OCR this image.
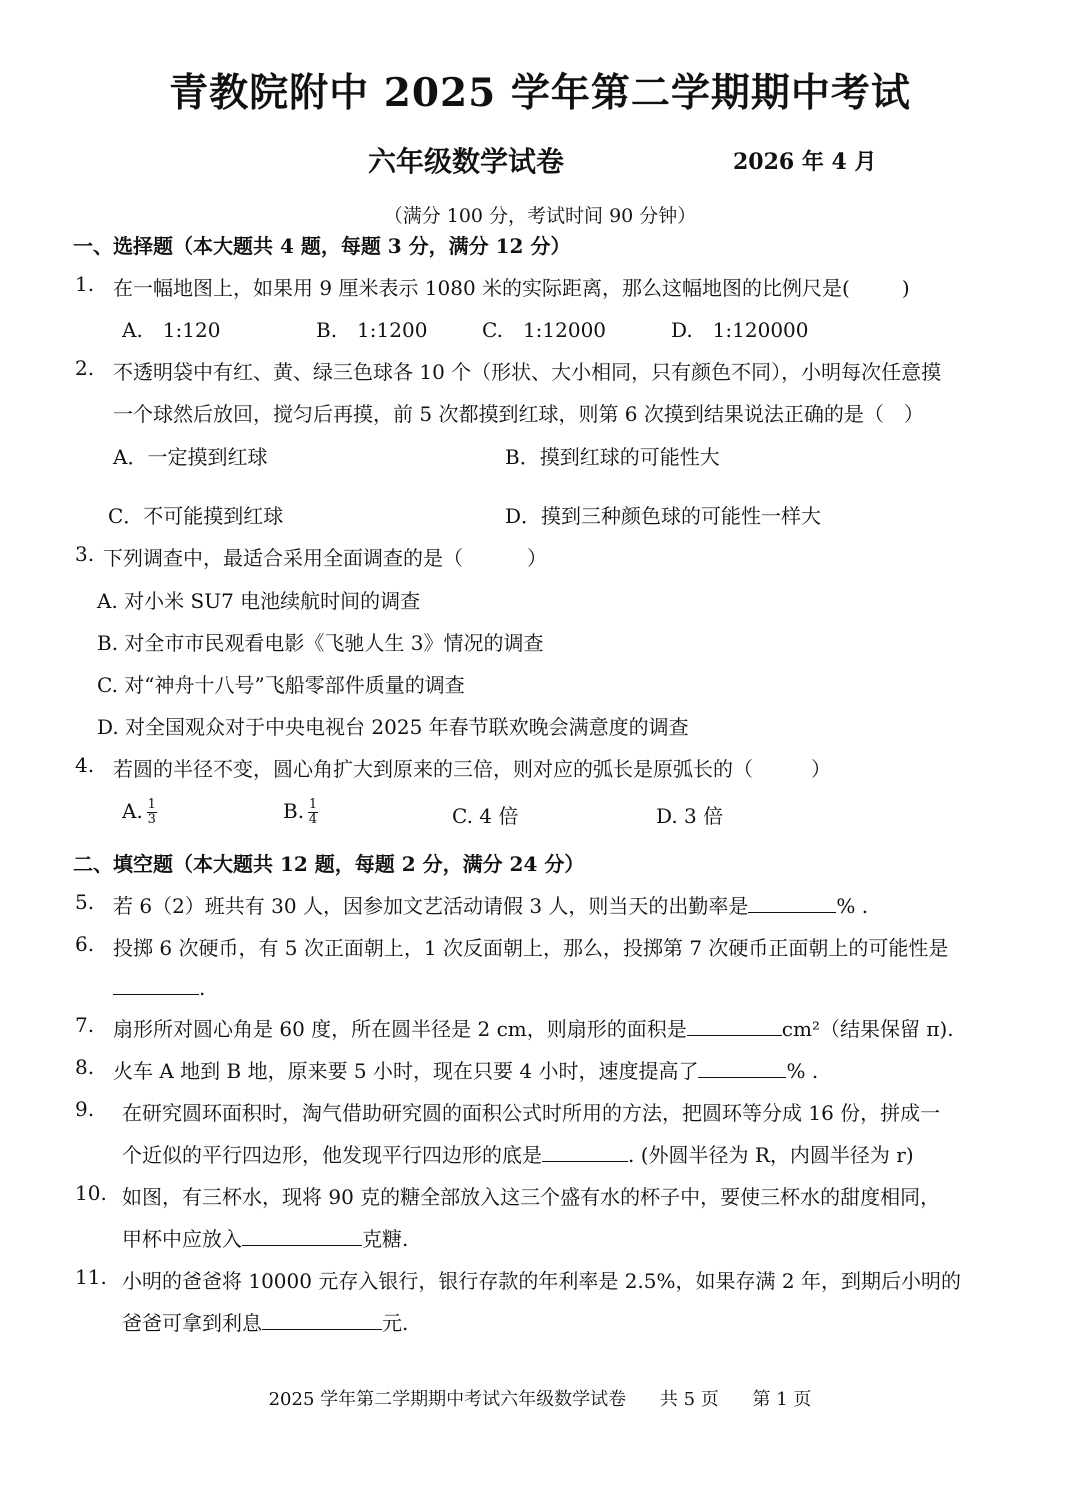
青教院附中 2025 学年第二学期期中考试
六年级数学试卷	2026 年 4 月
（满分 100 分，考试时间 90 分钟）
一、选择题（本大题共 4 题，每题 3 分，满分 12 分）
1. 在一幅地图上，如果用 9 厘米表示 1080 米的实际距离，那么这幅地图的比例尺是(	)
A.　1:120	B.　1:1200	C.　1:12000	D.　1:120000
2. 不透明袋中有红、黄、绿三色球各 10 个（形状、大小相同，只有颜色不同），小明每次任意摸
一个球然后放回，搅匀后再摸，前 5 次都摸到红球，则第 6 次摸到结果说法正确的是（　）
A．一定摸到红球	B．摸到红球的可能性大
C．不可能摸到红球	D．摸到三种颜色球的可能性一样大
3. 下列调查中，最适合采用全面调查的是（	）
A. 对小米 SU7 电池续航时间的调查
B. 对全市市民观看电影《飞驰人生 3》情况的调查
C. 对“神舟十八号”飞船零部件质量的调查
D. 对全国观众对于中央电视台 2025 年春节联欢晚会满意度的调查
4. 若圆的半径不变，圆心角扩大到原来的三倍，则对应的弧长是原弧长的（	）
A. $\frac{1}{3}$	B. $\frac{1}{4}$	C. 4 倍	D. 3 倍
二、填空题（本大题共 12 题，每题 2 分，满分 24 分）
5. 若 6（2）班共有 30 人，因参加文艺活动请假 3 人，则当天的出勤率是	% .
6. 投掷 6 次硬币，有 5 次正面朝上，1 次反面朝上，那么，投掷第 7 次硬币正面朝上的可能性是
.
7. 扇形所对圆心角是 60 度，所在圆半径是 2 cm，则扇形的面积是	cm²（结果保留 π).
8. 火车 A 地到 B 地，原来要 5 小时，现在只要 4 小时，速度提高了	% .
9. 在研究圆环面积时，淘气借助研究圆的面积公式时所用的方法，把圆环等分成 16 份，拼成一
个近似的平行四边形，他发现平行四边形的底是	. (外圆半径为 R，内圆半径为 r)
10. 如图，有三杯水，现将 90 克的糖全部放入这三个盛有水的杯子中，要使三杯水的甜度相同，
甲杯中应放入	克糖.
11. 小明的爸爸将 10000 元存入银行，银行存款的年利率是 2.5%，如果存满 2 年，到期后小明的
爸爸可拿到利息	元.
2025 学年第二学期期中考试六年级数学试卷 共 5 页 第 1 页
